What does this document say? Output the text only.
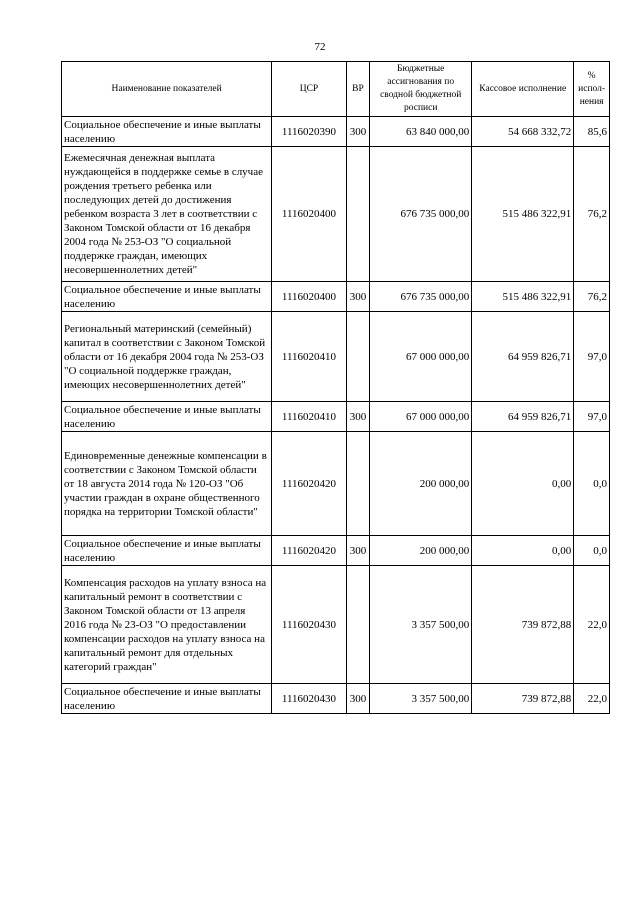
72
Наименование показателей	ЦСР	ВР	Бюджетные ассигнования по сводной бюджетной росписи	Кассовое исполнение	% испол-нения
Социальное обеспечение и иные выплаты населению	1116020390	300	63 840 000,00	54 668 332,72	85,6
Ежемесячная денежная выплата нуждающейся в поддержке семье в случае рождения третьего ребенка или последующих детей до достижения ребенком возраста 3 лет в соответствии с Законом Томской области от 16 декабря 2004 года № 253-ОЗ "О социальной поддержке граждан, имеющих несовершеннолетних детей"	1116020400		676 735 000,00	515 486 322,91	76,2
Социальное обеспечение и иные выплаты населению	1116020400	300	676 735 000,00	515 486 322,91	76,2
Региональный материнский (семейный) капитал в соответствии с Законом Томской области от 16 декабря 2004 года № 253-ОЗ "О социальной поддержке граждан, имеющих несовершеннолетних детей"	1116020410		67 000 000,00	64 959 826,71	97,0
Социальное обеспечение и иные выплаты населению	1116020410	300	67 000 000,00	64 959 826,71	97,0
Единовременные денежные компенсации в соответствии с Законом Томской области от 18 августа 2014 года № 120-ОЗ "Об участии граждан в охране общественного порядка на территории Томской области"	1116020420		200 000,00	0,00	0,0
Социальное обеспечение и иные выплаты населению	1116020420	300	200 000,00	0,00	0,0
Компенсация расходов на уплату взноса на капитальный ремонт в соответствии с Законом Томской области от 13 апреля 2016 года № 23-ОЗ "О предоставлении компенсации расходов на уплату взноса на капитальный ремонт для отдельных категорий граждан"	1116020430		3 357 500,00	739 872,88	22,0
Социальное обеспечение и иные выплаты населению	1116020430	300	3 357 500,00	739 872,88	22,0
